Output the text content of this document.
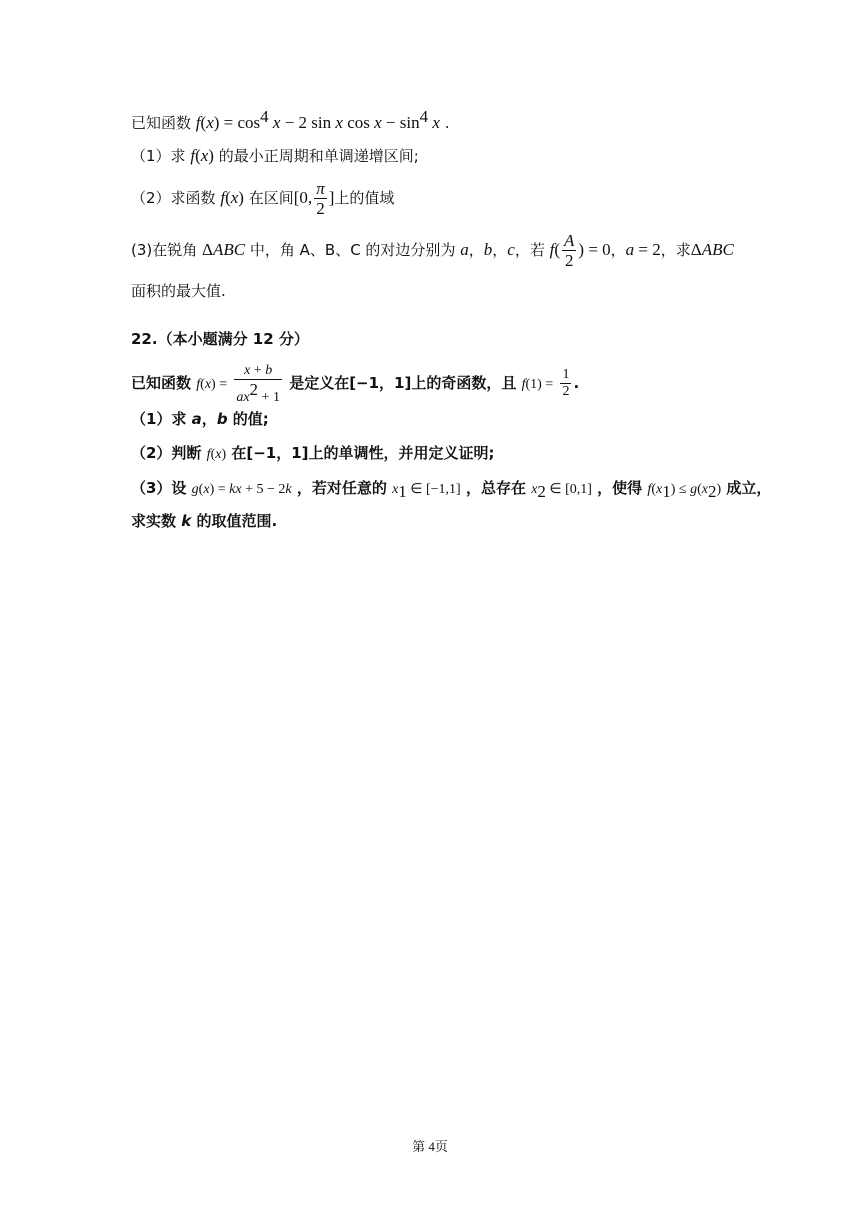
已知函数 $f(x) = \cos^4 x - 2$ sin x $\cos x - \sin^4 x$ .
（1）求 f(x) 的最小正周期和单调递增区间;
（2）求函数 f(x) 在区间[0, $\frac{\pi}{2}$ ]上的值域
(3)在锐角 ΔABC 中，角 A、B、C 的对边分别为 a，b，c，若 $f( \frac{A}{2}$ ) = 0，a = 2，求ΔABC
面积的最大值.
22.（本小题满分 12 分）
已知函数 $f(x) = \frac{x + b}{ax^2 + 1}$ 是定义在[−1，1]上的奇函数，且 $f(1) = \frac{1}{2}$ .
（1）求 a，b 的值;
（2）判断 f(x) 在[−1，1]上的单调性，并用定义证明;
（3）设 g(x) = kx + 5 − 2k ，若对任意的 $x_1$ ∈ [−1,1] ，总存在 $x_2$ ∈ [0,1] ，使得 $f(x_1) \le g(x_2)$ 成立，
求实数 k 的取值范围.
第 4页
